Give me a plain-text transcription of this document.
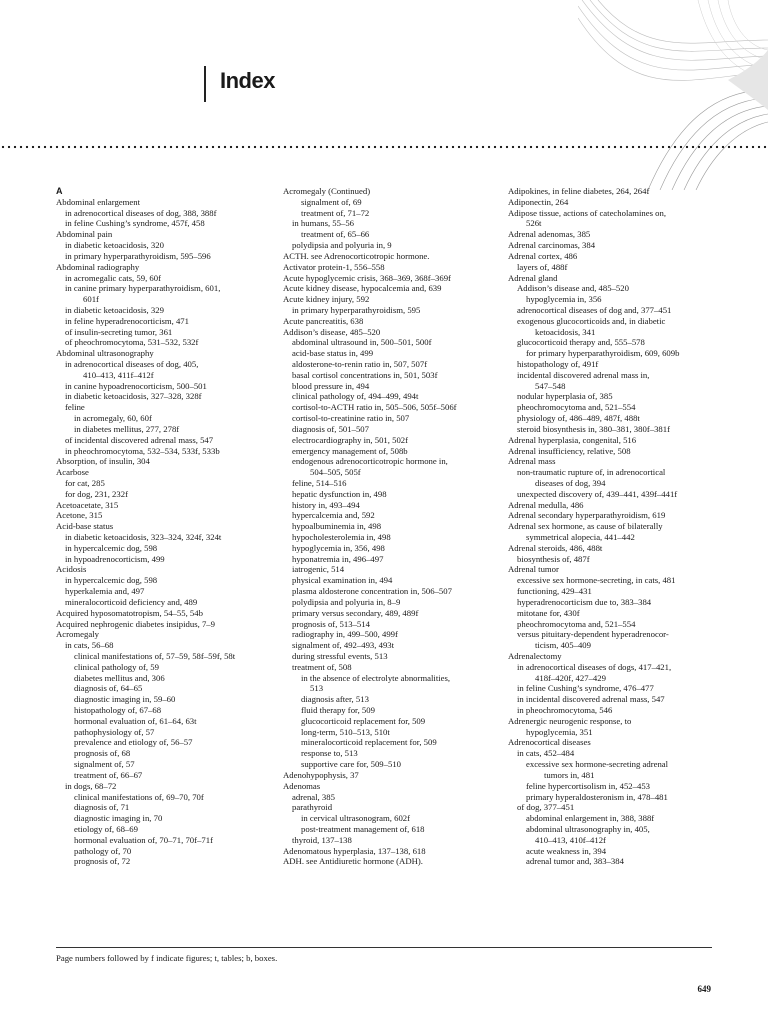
Index
A
Abdominal enlargement
in adrenocortical diseases of dog, 388, 388f
in feline Cushing’s syndrome, 457f, 458
Abdominal pain
in diabetic ketoacidosis, 320
in primary hyperparathyroidism, 595–596
Abdominal radiography
in acromegalic cats, 59, 60f
in canine primary hyperparathyroidism, 601,
601f
in diabetic ketoacidosis, 329
in feline hyperadrenocorticism, 471
of insulin-secreting tumor, 361
of pheochromocytoma, 531–532, 532f
Abdominal ultrasonography
in adrenocortical diseases of dog, 405,
410–413, 411f–412f
in canine hypoadrenocorticism, 500–501
in diabetic ketoacidosis, 327–328, 328f
feline
in acromegaly, 60, 60f
in diabetes mellitus, 277, 278f
of incidental discovered adrenal mass, 547
in pheochromocytoma, 532–534, 533f, 533b
Absorption, of insulin, 304
Acarbose
for cat, 285
for dog, 231, 232f
Acetoacetate, 315
Acetone, 315
Acid-base status
in diabetic ketoacidosis, 323–324, 324f, 324t
in hypercalcemic dog, 598
in hypoadrenocorticism, 499
Acidosis
in hypercalcemic dog, 598
hyperkalemia and, 497
mineralocorticoid deficiency and, 489
Acquired hyposomatotropism, 54–55, 54b
Acquired nephrogenic diabetes insipidus, 7–9
Acromegaly
in cats, 56–68
clinical manifestations of, 57–59, 58f–59f, 58t
clinical pathology of, 59
diabetes mellitus and, 306
diagnosis of, 64–65
diagnostic imaging in, 59–60
histopathology of, 67–68
hormonal evaluation of, 61–64, 63t
pathophysiology of, 57
prevalence and etiology of, 56–57
prognosis of, 68
signalment of, 57
treatment of, 66–67
in dogs, 68–72
clinical manifestations of, 69–70, 70f
diagnosis of, 71
diagnostic imaging in, 70
etiology of, 68–69
hormonal evaluation of, 70–71, 70f–71f
pathology of, 70
prognosis of, 72
Acromegaly (Continued)
signalment of, 69
treatment of, 71–72
in humans, 55–56
treatment of, 65–66
polydipsia and polyuria in, 9
ACTH. see Adrenocorticotropic hormone.
Activator protein-1, 556–558
Acute hypoglycemic crisis, 368–369, 368f–369f
Acute kidney disease, hypocalcemia and, 639
Acute kidney injury, 592
in primary hyperparathyroidism, 595
Acute pancreatitis, 638
Addison’s disease, 485–520
abdominal ultrasound in, 500–501, 500f
acid-base status in, 499
aldosterone-to-renin ratio in, 507, 507f
basal cortisol concentrations in, 501, 503f
blood pressure in, 494
clinical pathology of, 494–499, 494t
cortisol-to-ACTH ratio in, 505–506, 505f–506f
cortisol-to-creatinine ratio in, 507
diagnosis of, 501–507
electrocardiography in, 501, 502f
emergency management of, 508b
endogenous adrenocorticotropic hormone in,
504–505, 505f
feline, 514–516
hepatic dysfunction in, 498
history in, 493–494
hypercalcemia and, 592
hypoalbuminemia in, 498
hypocholesterolemia in, 498
hypoglycemia in, 356, 498
hyponatremia in, 496–497
iatrogenic, 514
physical examination in, 494
plasma aldosterone concentration in, 506–507
polydipsia and polyuria in, 8–9
primary versus secondary, 489, 489f
prognosis of, 513–514
radiography in, 499–500, 499f
signalment of, 492–493, 493t
during stressful events, 513
treatment of, 508
in the absence of electrolyte abnormalities,
513
diagnosis after, 513
fluid therapy for, 509
glucocorticoid replacement for, 509
long-term, 510–513, 510t
mineralocorticoid replacement for, 509
response to, 513
supportive care for, 509–510
Adenohypophysis, 37
Adenomas
adrenal, 385
parathyroid
in cervical ultrasonogram, 602f
post-treatment management of, 618
thyroid, 137–138
Adenomatous hyperplasia, 137–138, 618
ADH. see Antidiuretic hormone (ADH).
Adipokines, in feline diabetes, 264, 264f
Adiponectin, 264
Adipose tissue, actions of catecholamines on,
526t
Adrenal adenomas, 385
Adrenal carcinomas, 384
Adrenal cortex, 486
layers of, 488f
Adrenal gland
Addison’s disease and, 485–520
hypoglycemia in, 356
adrenocortical diseases of dog and, 377–451
exogenous glucocorticoids and, in diabetic
ketoacidosis, 341
glucocorticoid therapy and, 555–578
for primary hyperparathyroidism, 609, 609b
histopathology of, 491f
incidental discovered adrenal mass in,
547–548
nodular hyperplasia of, 385
pheochromocytoma and, 521–554
physiology of, 486–489, 487f, 488t
steroid biosynthesis in, 380–381, 380f–381f
Adrenal hyperplasia, congenital, 516
Adrenal insufficiency, relative, 508
Adrenal mass
non-traumatic rupture of, in adrenocortical
diseases of dog, 394
unexpected discovery of, 439–441, 439f–441f
Adrenal medulla, 486
Adrenal secondary hyperparathyroidism, 619
Adrenal sex hormone, as cause of bilaterally
symmetrical alopecia, 441–442
Adrenal steroids, 486, 488t
biosynthesis of, 487f
Adrenal tumor
excessive sex hormone-secreting, in cats, 481
functioning, 429–431
hyperadrenocorticism due to, 383–384
mitotane for, 430f
pheochromocytoma and, 521–554
versus pituitary-dependent hyperadrenocor-
ticism, 405–409
Adrenalectomy
in adrenocortical diseases of dogs, 417–421,
418f–420f, 427–429
in feline Cushing’s syndrome, 476–477
in incidental discovered adrenal mass, 547
in pheochromocytoma, 546
Adrenergic neurogenic response, to
hypoglycemia, 351
Adrenocortical diseases
in cats, 452–484
excessive sex hormone-secreting adrenal
tumors in, 481
feline hypercortisolism in, 452–453
primary hyperaldosteronism in, 478–481
of dog, 377–451
abdominal enlargement in, 388, 388f
abdominal ultrasonography in, 405,
410–413, 410f–412f
acute weakness in, 394
adrenal tumor and, 383–384
Page numbers followed by f indicate figures; t, tables; b, boxes.
649
